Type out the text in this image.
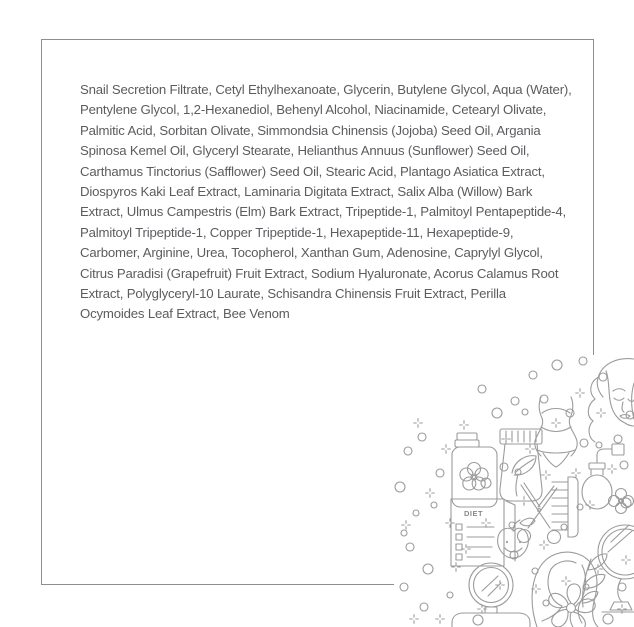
Snail Secretion Filtrate, Cetyl Ethylhexanoate, Glycerin, Butylene Glycol, Aqua (Water), Pentylene Glycol, 1,2-Hexanediol, Behenyl Alcohol, Niacinamide, Cetearyl Olivate, Palmitic Acid, Sorbitan Olivate, Simmondsia Chinensis (Jojoba) Seed Oil, Argania Spinosa Kemel Oil, Glyceryl Stearate, Helianthus Annuus (Sunflower) Seed Oil, Carthamus Tinctorius (Safflower) Seed Oil, Stearic Acid, Plantago Asiatica Extract, Diospyros Kaki Leaf Extract, Laminaria Digitata Extract, Salix Alba (Willow) Bark Extract, Ulmus Campestris (Elm) Bark Extract, Tripeptide-1, Palmitoyl Pentapeptide-4, Palmitoyl Tripeptide-1, Copper Tripeptide-1, Hexapeptide-11, Hexapeptide-9, Carbomer, Arginine, Urea, Tocopherol, Xanthan Gum, Adenosine, Caprylyl Glycol, Citrus Paradisi (Grapefruit) Fruit Extract, Sodium Hyaluronate, Acorus Calamus Root Extract, Polyglyceryl-10 Laurate, Schisandra Chinensis Fruit Extract, Perilla Ocymoides Leaf Extract, Bee Venom
DIET
